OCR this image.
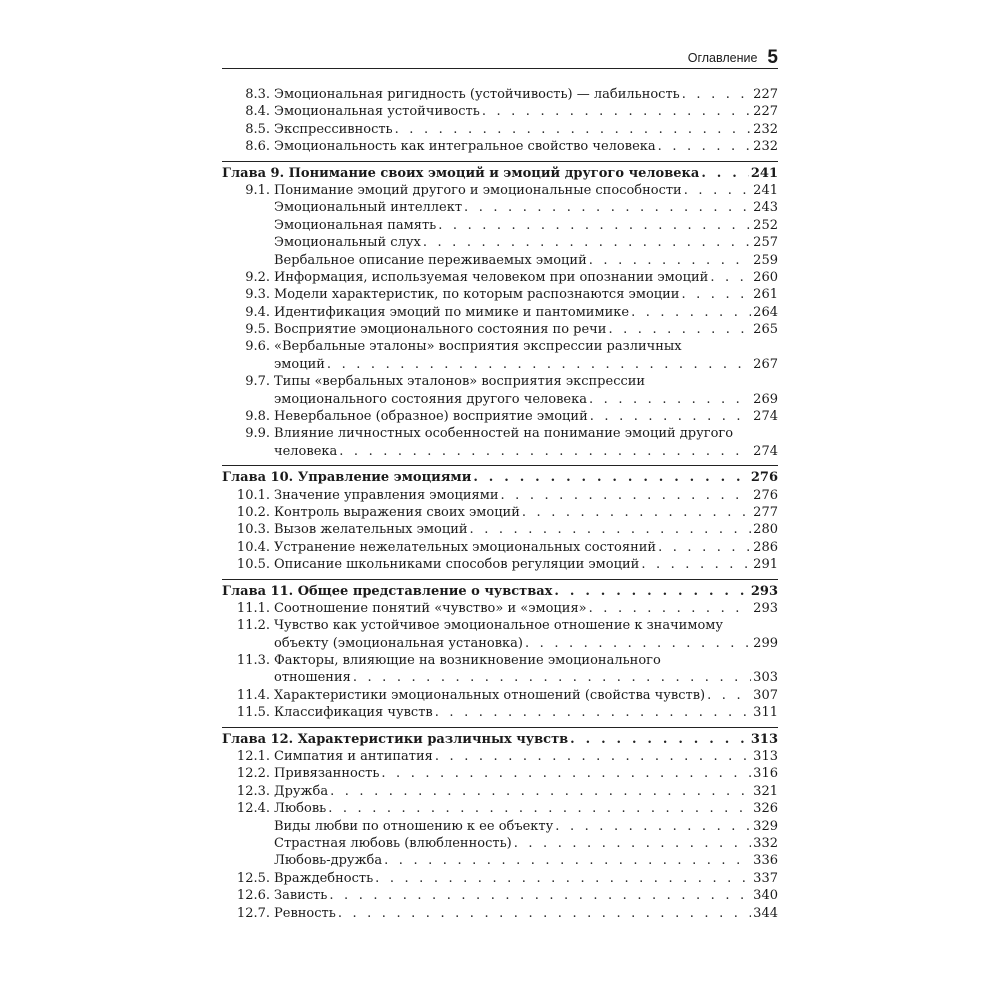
Оглавление 5
8.3. Эмоциональная ригидность (устойчивость) — лабильность . . .	227
8.4. Эмоциональная устойчивость . . .	227
8.5. Экспрессивность . . .	232
8.6. Эмоциональность как интегральное свойство человека . . .	232
Глава 9. Понимание своих эмоций и эмоций другого человека . . .	241
9.1. Понимание эмоций другого и эмоциональные способности . . .	241
Эмоциональный интеллект . . .	243
Эмоциональная память . . .	252
Эмоциональный слух . . .	257
Вербальное описание переживаемых эмоций . . .	259
9.2. Информация, используемая человеком при опознании эмоций . . .	260
9.3. Модели характеристик, по которым распознаются эмоции . . .	261
9.4. Идентификация эмоций по мимике и пантомимике . . .	264
9.5. Восприятие эмоционального состояния по речи . . .	265
9.6. «Вербальные эталоны» восприятия экспрессии различных
эмоций . . .	267
9.7. Типы «вербальных эталонов» восприятия экспрессии
эмоционального состояния другого человека . . .	269
9.8. Невербальное (образное) восприятие эмоций . . .	274
9.9. Влияние личностных особенностей на понимание эмоций другого
человека . . .	274
Глава 10. Управление эмоциями . . .	276
10.1. Значение управления эмоциями . . .	276
10.2. Контроль выражения своих эмоций . . .	277
10.3. Вызов желательных эмоций . . .	280
10.4. Устранение нежелательных эмоциональных состояний . . .	286
10.5. Описание школьниками способов регуляции эмоций . . .	291
Глава 11. Общее представление о чувствах . . .	293
11.1. Соотношение понятий «чувство» и «эмоция» . . .	293
11.2. Чувство как устойчивое эмоциональное отношение к значимому
объекту (эмоциональная установка) . . .	299
11.3. Факторы, влияющие на возникновение эмоционального
отношения . . .	303
11.4. Характеристики эмоциональных отношений (свойства чувств) . . .	307
11.5. Классификация чувств . . .	311
Глава 12. Характеристики различных чувств . . .	313
12.1. Симпатия и антипатия . . .	313
12.2. Привязанность . . .	316
12.3. Дружба . . .	321
12.4. Любовь . . .	326
Виды любви по отношению к ее объекту . . .	329
Страстная любовь (влюбленность) . . .	332
Любовь-дружба . . .	336
12.5. Враждебность . . .	337
12.6. Зависть . . .	340
12.7. Ревность . . .	344
